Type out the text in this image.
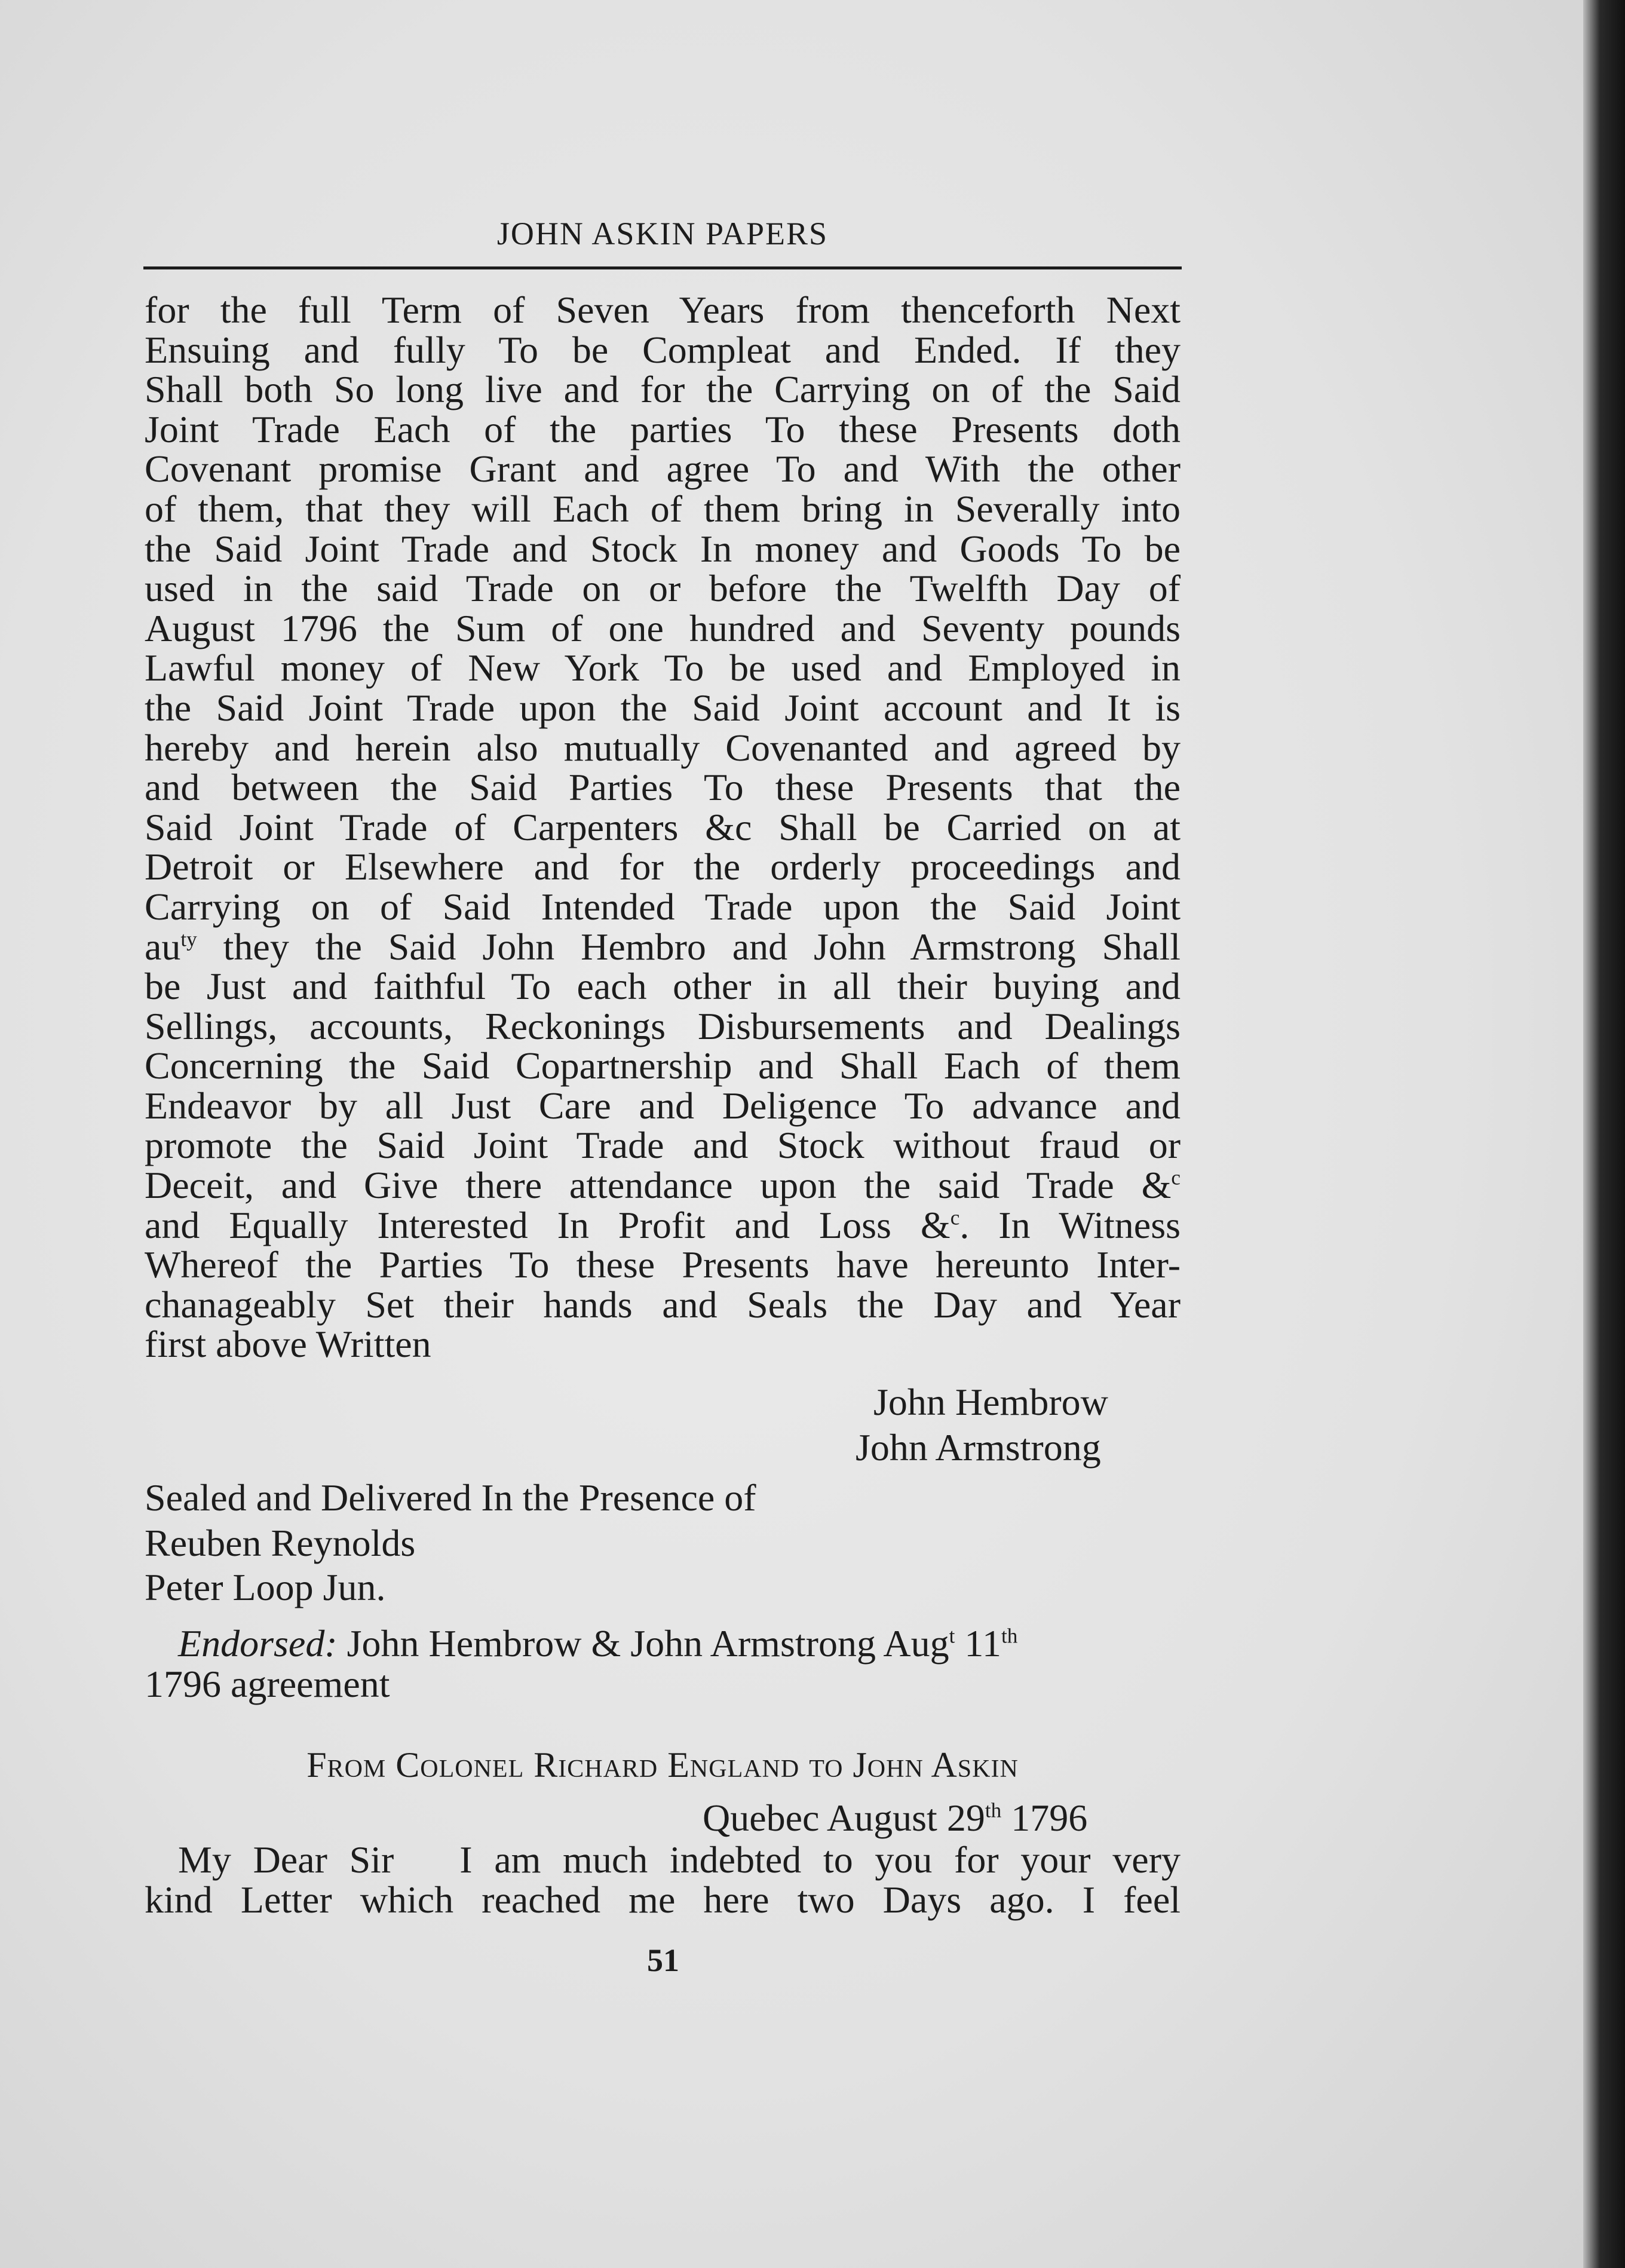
JOHN ASKIN PAPERS
for the full Term of Seven Years from thenceforth Next
Ensuing and fully To be Compleat and Ended. If they
Shall both So long live and for the Carrying on of the Said
Joint Trade Each of the parties To these Presents doth
Covenant promise Grant and agree To and With the other
of them, that they will Each of them bring in Severally into
the Said Joint Trade and Stock In money and Goods To be
used in the said Trade on or before the Twelfth Day of
August 1796 the Sum of one hundred and Seventy pounds
Lawful money of New York To be used and Employed in
the Said Joint Trade upon the Said Joint account and It is
hereby and herein also mutually Covenanted and agreed by
and between the Said Parties To these Presents that the
Said Joint Trade of Carpenters &c Shall be Carried on at
Detroit or Elsewhere and for the orderly proceedings and
Carrying on of Said Intended Trade upon the Said Joint
$au^{ty}$ they the Said John Hembro and John Armstrong Shall
be Just and faithful To each other in all their buying and
Sellings, accounts, Reckonings Disbursements and Dealings
Concerning the Said Copartnership and Shall Each of them
Endeavor by all Just Care and Deligence To advance and
promote the Said Joint Trade and Stock without fraud or
Deceit, and Give there attendance upon the said Trade &$^c$
and Equally Interested In Profit and Loss &$^c$. In Witness
Whereof the Parties To these Presents have hereunto Inter-
chanageably Set their hands and Seals the Day and Year
first above Written
John Hembrow
John Armstrong
Sealed and Delivered In the Presence of
Reuben Reynolds
Peter Loop Jun.
Endorsed: John Hembrow & John Armstrong Aug$^t$ 11th
1796 agreement
From Colonel Richard England to John Askin
Quebec August 29th 1796
My Dear Sir   I am much indebted to you for your very
kind Letter which reached me here two Days ago. I feel
51
